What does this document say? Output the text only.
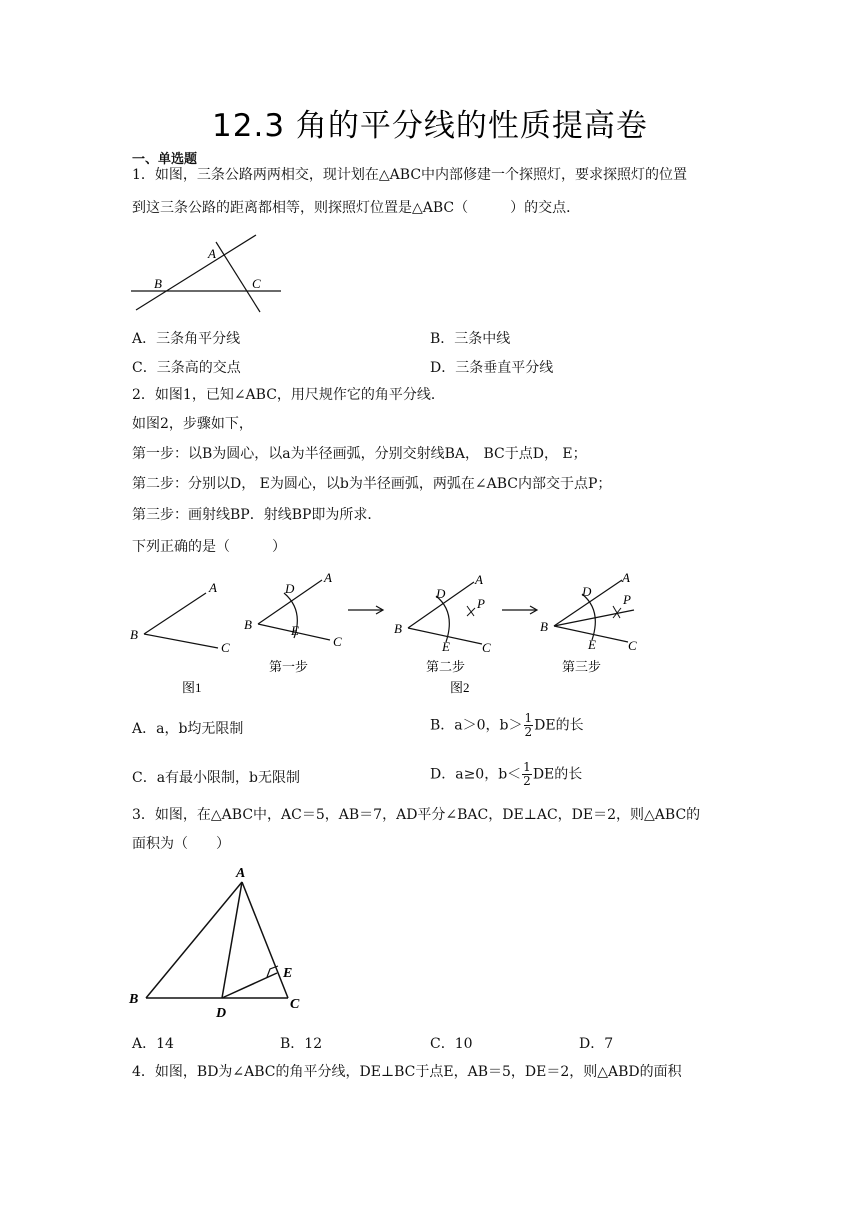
12.3 角的平分线的性质提高卷
一、单选题
1．如图，三条公路两两相交，现计划在△ABC中内部修建一个探照灯，要求探照灯的位置
到这三条公路的距离都相等，则探照灯位置是△ABC（　　　）的交点．
A
B	C
A．三条角平分线	B．三条中线
C．三条高的交点	D．三条垂直平分线
2．如图1，已知∠ABC，用尺规作它的角平分线．
如图2，步骤如下，
第一步：以B为圆心，以a为半径画弧，分别交射线BA， BC于点D， E；
第二步：分别以D， E为圆心，以b为半径画弧，两弧在∠ABC内部交于点P；
第三步：画射线BP．射线BP即为所求．
下列正确的是（　　　）
A
B
C
图1
D
A
B	E
C
第一步
D
A
P
B
E C
第二步
图2
D
A
P
B
E C
第三步
A．a，b均无限制	B．a＞0，$b> \frac{1}{2}$ DE的长
C．a有最小限制，b无限制	D．a≥0，$b< \frac{1}{2}$ DE的长
3．如图，在△ABC中，AC＝5，AB＝7，AD平分∠BAC，DE⊥AC，DE＝2，则△ABC的
面积为（　　）
A
B	C
D
E
A．14	B．12	C．10	D．7
4．如图，BD为∠ABC的角平分线，DE⊥BC于点E，AB＝5，DE＝2，则△ABD的面积
